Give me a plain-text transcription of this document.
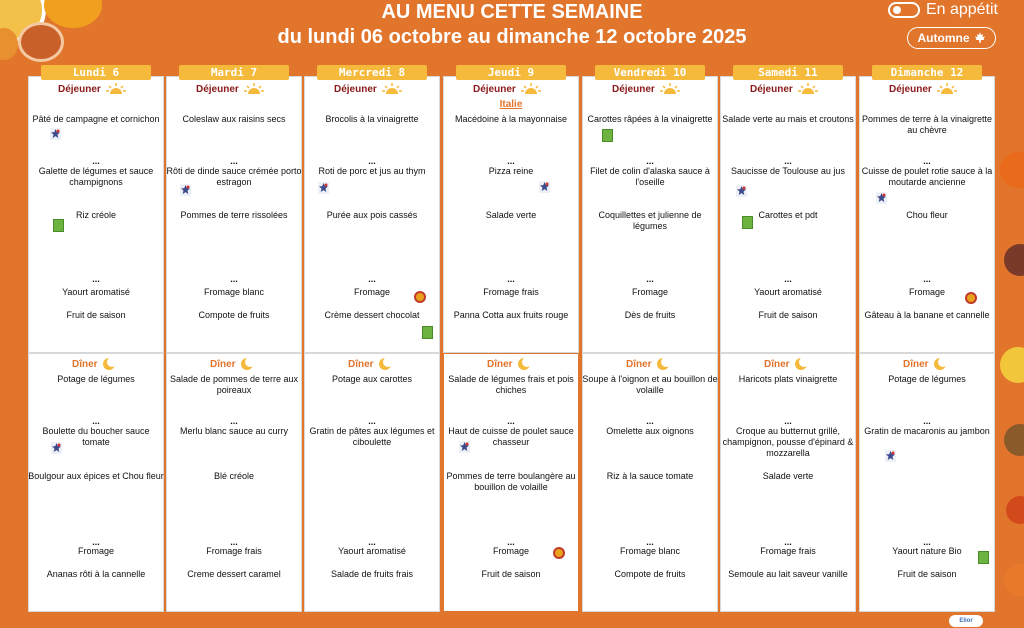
AU MENU CETTE SEMAINE
du lundi 06 octobre au dimanche 12 octobre 2025
En appétit
Automne
Lundi 6
Déjeuner
Dîner
Pâté de campagne et cornichon
Galette de légumes et sauce champignons
Riz créole
Yaourt aromatisé
Fruit de saison
Potage de légumes
Boulette du boucher sauce tomate
Boulgour aux épices et Chou fleur
Fromage
Ananas rôti à la cannelle
...
...
...
...
Mardi 7
Déjeuner
Dîner
Coleslaw aux raisins secs
Rôti de dinde sauce crémée porto estragon
Pommes de terre rissolées
Fromage blanc
Compote de fruits
Salade de pommes de terre aux poireaux
Merlu blanc sauce au curry
Blé créole
Fromage frais
Creme dessert caramel
...
...
...
...
Mercredi 8
Déjeuner
Dîner
Brocolis à la vinaigrette
Roti de porc et jus au thym
Purée aux pois cassés
Fromage
Crème dessert chocolat
Potage aux carottes
Gratin de pâtes aux légumes et ciboulette
Yaourt aromatisé
Salade de fruits frais
...
...
...
...
Jeudi 9
Déjeuner
Dîner
Italie
Macédoine à la mayonnaise
Pizza reine
Salade verte
Fromage frais
Panna Cotta aux fruits rouge
Salade de légumes frais et pois chiches
Haut de cuisse de poulet sauce chasseur
Pommes de terre boulangère au bouillon de volaille
Fromage
Fruit de saison
...
...
...
...
Vendredi 10
Déjeuner
Dîner
Carottes râpées à la vinaigrette
Filet de colin d'alaska sauce à l'oseille
Coquillettes et julienne de légumes
Fromage
Dès de fruits
Soupe à l'oignon et au bouillon de volaille
Omelette aux oignons
Riz à la sauce tomate
Fromage blanc
Compote de fruits
...
...
...
...
Samedi 11
Déjeuner
Dîner
Salade verte au mais et croutons
Saucisse de Toulouse au jus
Carottes et pdt
Yaourt aromatisé
Fruit de saison
Haricots plats vinaigrette
Croque au butternut grillé, champignon, pousse d'épinard & mozzarella
Salade verte
Fromage frais
Semoule au lait saveur vanille
...
...
...
...
Dimanche 12
Déjeuner
Dîner
Pommes de terre à la vinaigrette au chèvre
Cuisse de poulet rotie sauce à la moutarde ancienne
Chou fleur
Fromage
Gâteau à la banane et cannelle
Potage de légumes
Gratin de macaronis au jambon
Yaourt nature Bio
Fruit de saison
...
...
...
...
Elior
